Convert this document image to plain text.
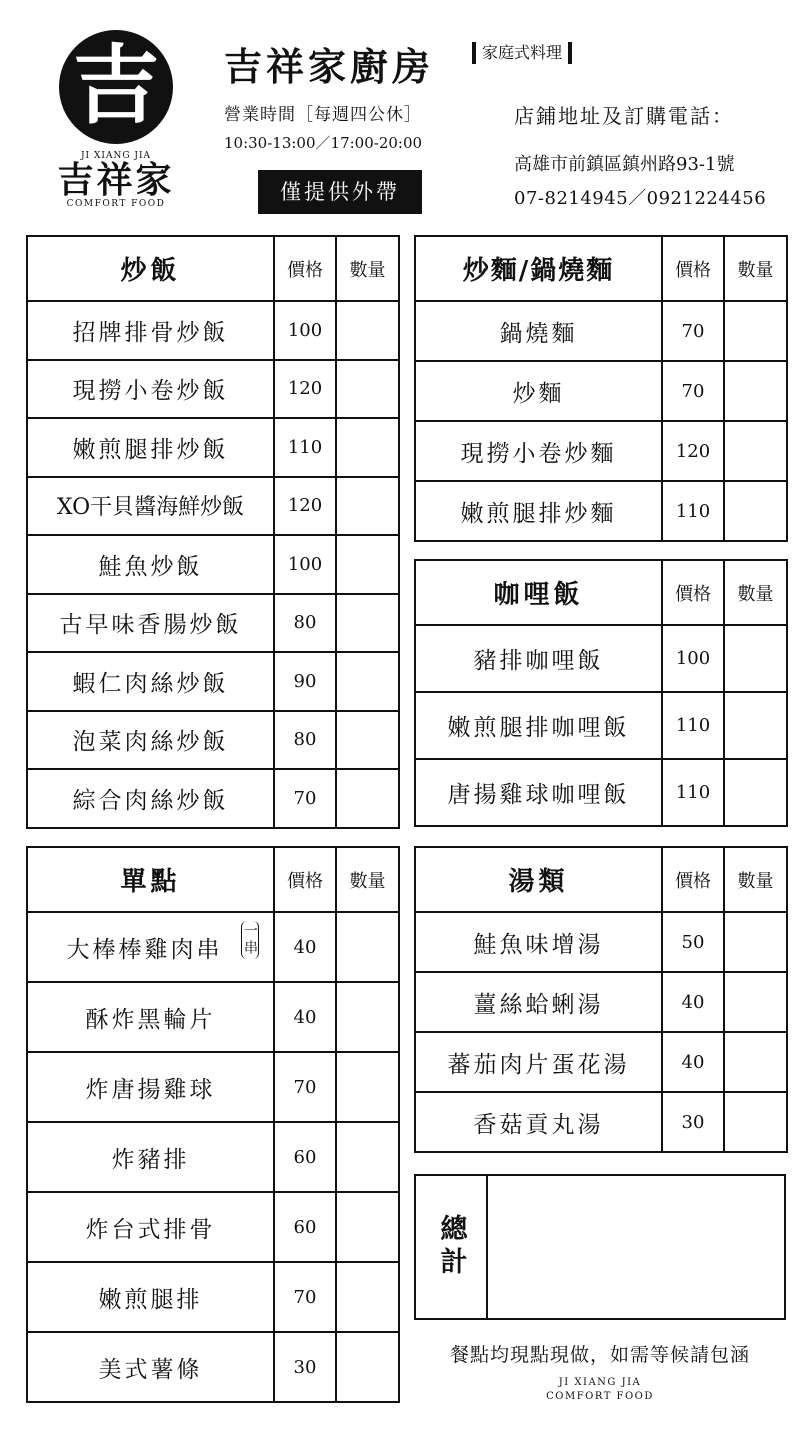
吉
JI XIANG JIA
吉祥家
COMFORT FOOD
吉祥家廚房	家庭式料理
營業時間［每週四公休］
10:30-13:00／17:00-20:00
僅提供外帶
店鋪地址及訂購電話：
高雄市前鎮區鎮州路93-1號
07-8214945／0921224456
炒飯	價格	數量
招牌排骨炒飯	100	
現撈小卷炒飯	120	
嫩煎腿排炒飯	110	
XO干貝醬海鮮炒飯	120	
鮭魚炒飯	100	
古早味香腸炒飯	80	
蝦仁肉絲炒飯	90	
泡菜肉絲炒飯	80	
綜合肉絲炒飯	70	
炒麵/鍋燒麵	價格	數量
鍋燒麵	70	
炒麵	70	
現撈小卷炒麵	120	
嫩煎腿排炒麵	110	
咖哩飯	價格	數量
豬排咖哩飯	100	
嫩煎腿排咖哩飯	110	
唐揚雞球咖哩飯	110	
單點	價格	數量
大棒棒雞肉串 一串	40	
酥炸黑輪片	40	
炸唐揚雞球	70	
炸豬排	60	
炸台式排骨	60	
嫩煎腿排	70	
美式薯條	30	
湯類	價格	數量
鮭魚味增湯	50	
薑絲蛤蜊湯	40	
蕃茄肉片蛋花湯	40	
香菇貢丸湯	30	
總計
餐點均現點現做，如需等候請包涵
JI XIANG JIA
COMFORT FOOD
